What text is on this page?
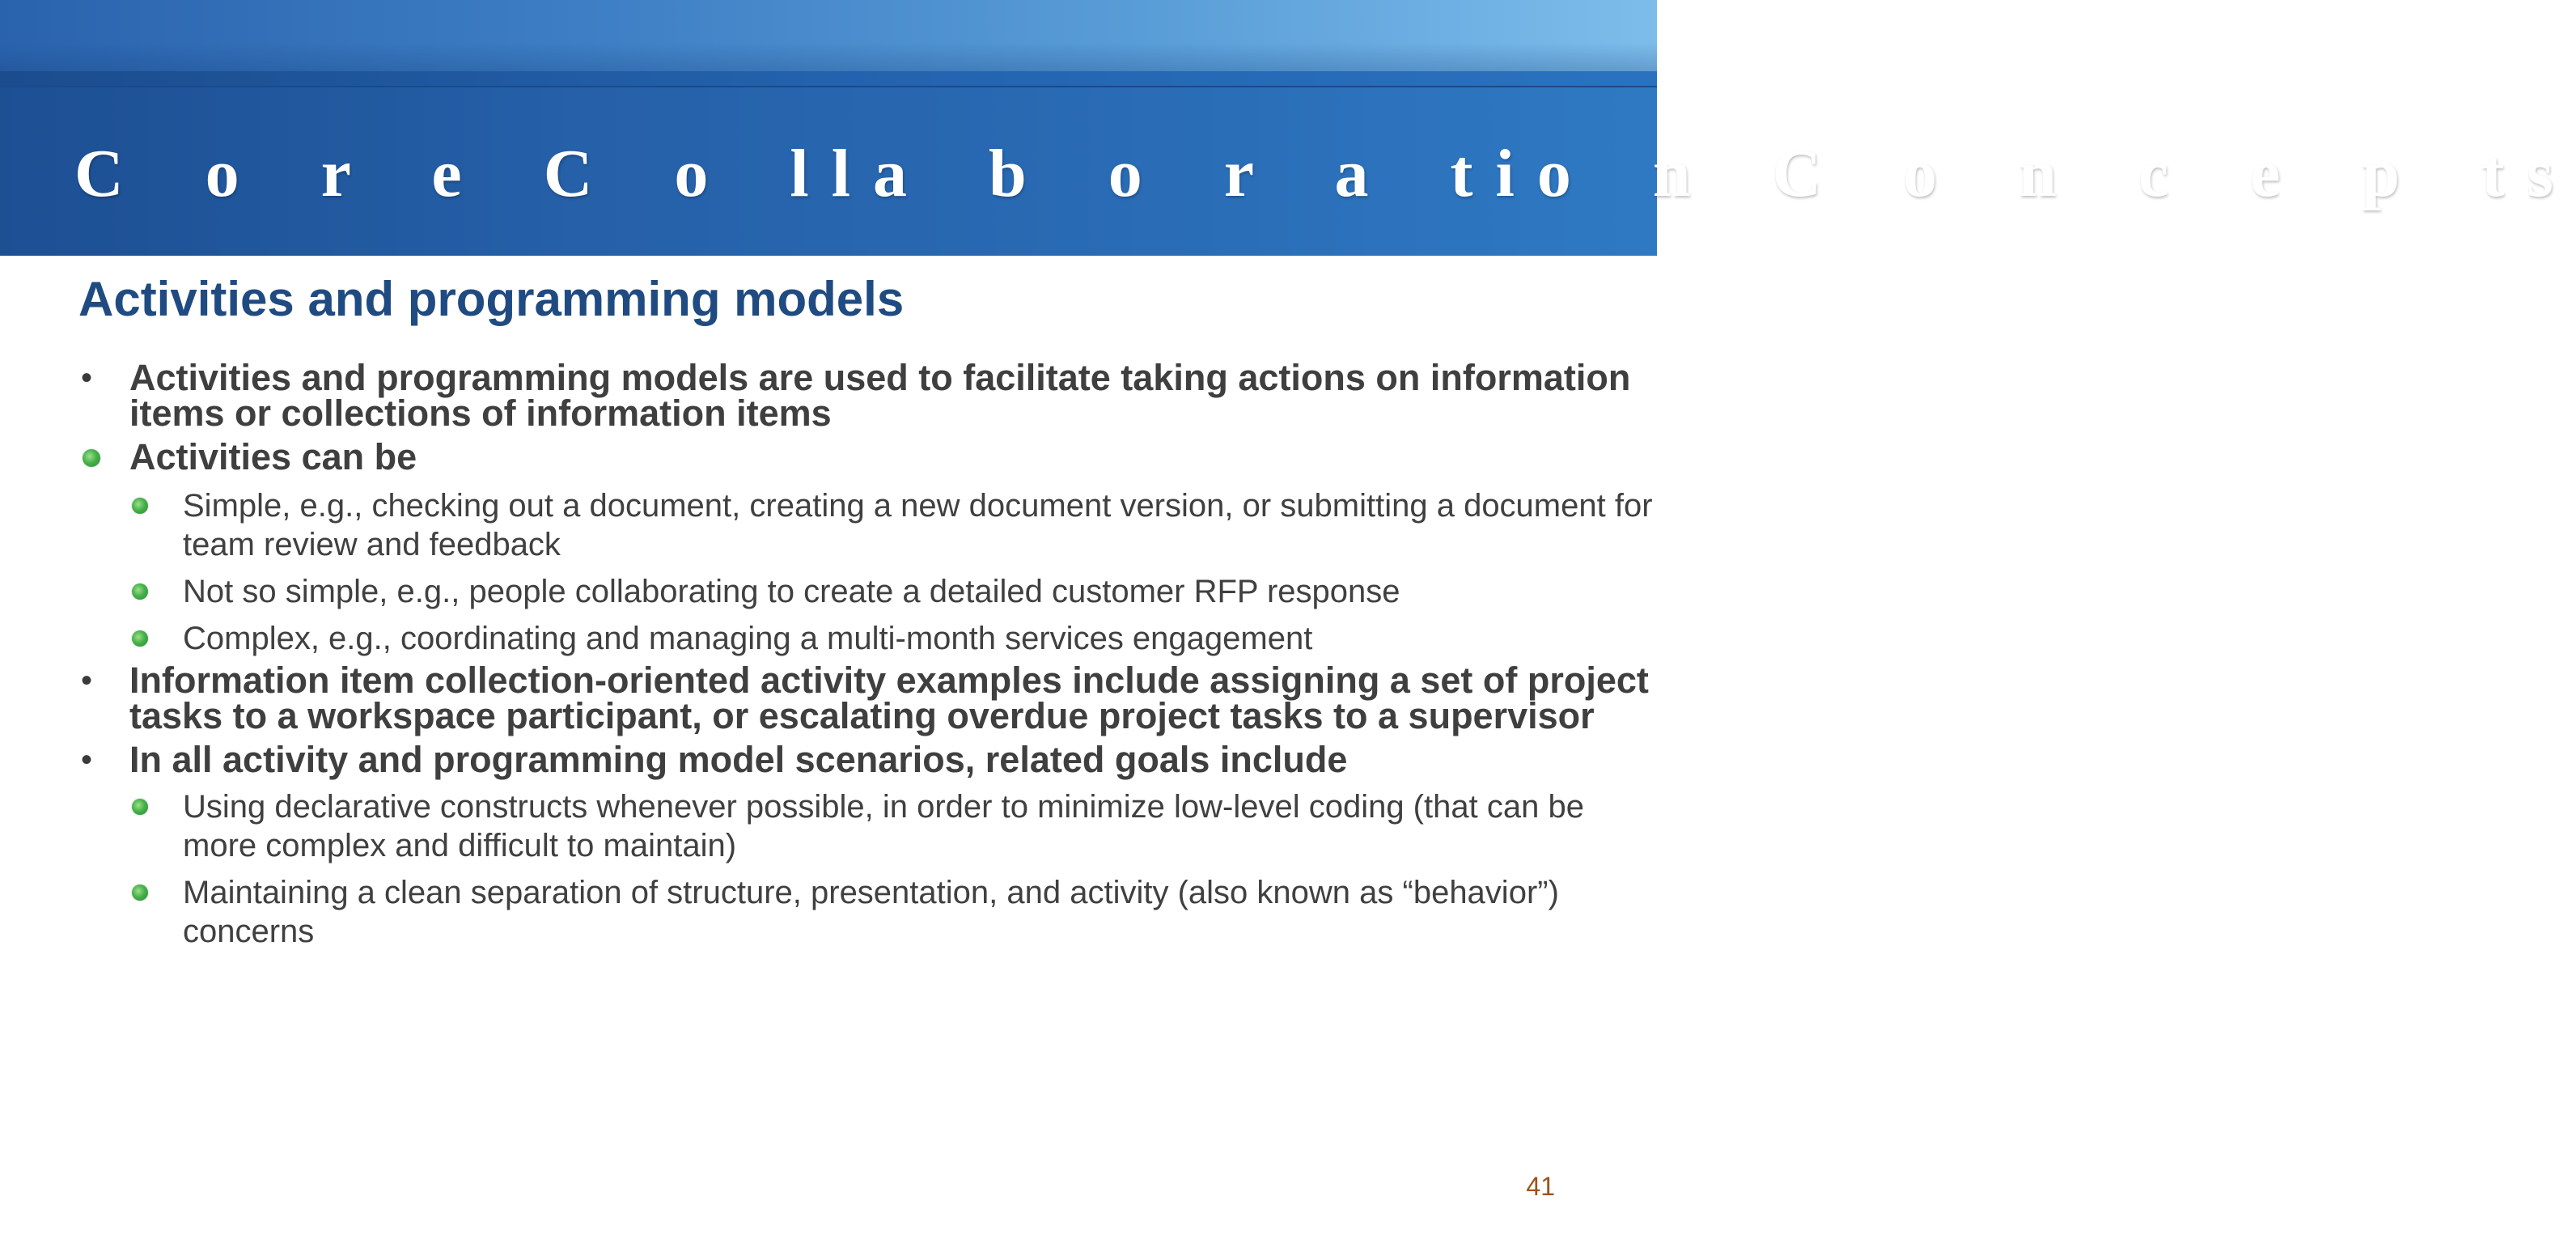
C o r e C o lla b o r a tio n C o n c e p ts
Activities and programming models
• Activities and programming models are used to facilitate taking actions on information items or collections of information items
Activities can be
Simple, e.g., checking out a document, creating a new document version, or submitting a document for team review and feedback
Not so simple, e.g., people collaborating to create a detailed customer RFP response
Complex, e.g., coordinating and managing a multi-month services engagement
• Information item collection-oriented activity examples include assigning a set of project tasks to a workspace participant, or escalating overdue project tasks to a supervisor
• In all activity and programming model scenarios, related goals include
Using declarative constructs whenever possible, in order to minimize low-level coding (that can be more complex and difficult to maintain)
Maintaining a clean separation of structure, presentation, and activity (also known as “behavior”) concerns
41
